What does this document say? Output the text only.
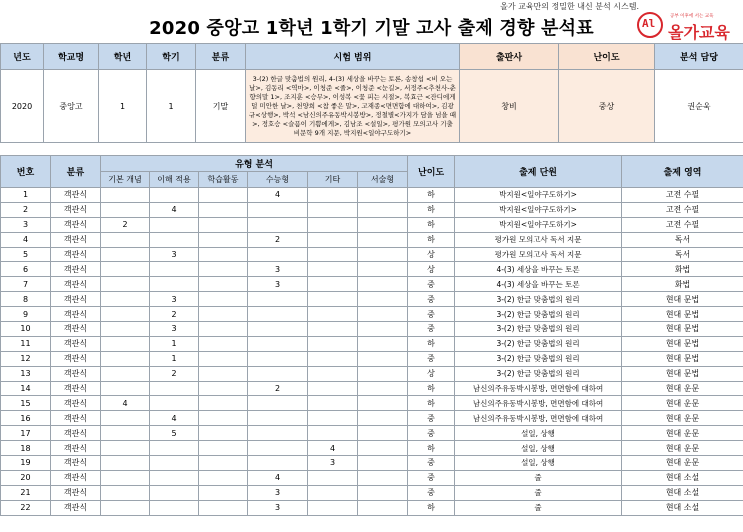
올가 교육만의 정밀한 내신 분석 시스템.
2020 중앙고 1학년 1학기 기말 고사 출제 경향 분석표	Al
공부 이후에 서는 교육
올가교육
년도	학교명	학년	학기	분류	시험 범위	출판사	난이도	분석 담당
2020	중앙고	1	1	기말	3-(2) 한글 맞춤법의 원리, 4-(3) 세상을 바꾸는 토론, 송창섭 <비 오는 날>, 김동리 <역마>, 이청준 <줄>, 이청준 <눈길>, 서정주<추천사-춘향의말 1>, 조지훈 <승무>, 이성복 <꽃 피는 시절>, 복효근 <잔디에게 덜 미안한 날>, 천양희 <참 좋은 말>, 고재종<면면함에 대하여>, 김광규<상행>, 박석 <남신의주유동박시봉방>, 정철별<가지가 담을 넘을 때>, 정호승 <슬픔이 기쁨에게>, 김남조 <설일>, 평가원 모의고사 기출 비문학 9개 지문, 박지원<일야구도하기>	창비	중상	권순욱
번호	분류	유형 분석						난이도	출제 단원	출제 영역
		기본 개념	이해 적용	학습활동	수능형	기타	서술형			
1	객관식				4			하	박지원<일야구도하기>	고전 수필
2	객관식		4					하	박지원<일야구도하기>	고전 수필
3	객관식	2						하	박지원<일야구도하기>	고전 수필
4	객관식				2			하	평가원 모의고사 독서 지문	독서
5	객관식		3					상	평가원 모의고사 독서 지문	독서
6	객관식				3			상	4-(3) 세상을 바꾸는 토론	화법
7	객관식				3			중	4-(3) 세상을 바꾸는 토론	화법
8	객관식		3					중	3-(2) 한글 맞춤법의 원리	현대 문법
9	객관식		2					중	3-(2) 한글 맞춤법의 원리	현대 문법
10	객관식		3					중	3-(2) 한글 맞춤법의 원리	현대 문법
11	객관식		1					하	3-(2) 한글 맞춤법의 원리	현대 문법
12	객관식		1					중	3-(2) 한글 맞춤법의 원리	현대 문법
13	객관식		2					상	3-(2) 한글 맞춤법의 원리	현대 문법
14	객관식				2			하	남신의주유동박시봉방, 면면함에 대하여	현대 운문
15	객관식	4						하	남신의주유동박시봉방, 면면함에 대하여	현대 운문
16	객관식		4					중	남신의주유동박시봉방, 면면함에 대하여	현대 운문
17	객관식		5					중	설일, 상행	현대 운문
18	객관식					4		하	설일, 상행	현대 운문
19	객관식					3		중	설일, 상행	현대 운문
20	객관식				4			중	줄	현대 소설
21	객관식				3			중	줄	현대 소설
22	객관식				3			하	줄	현대 소설
